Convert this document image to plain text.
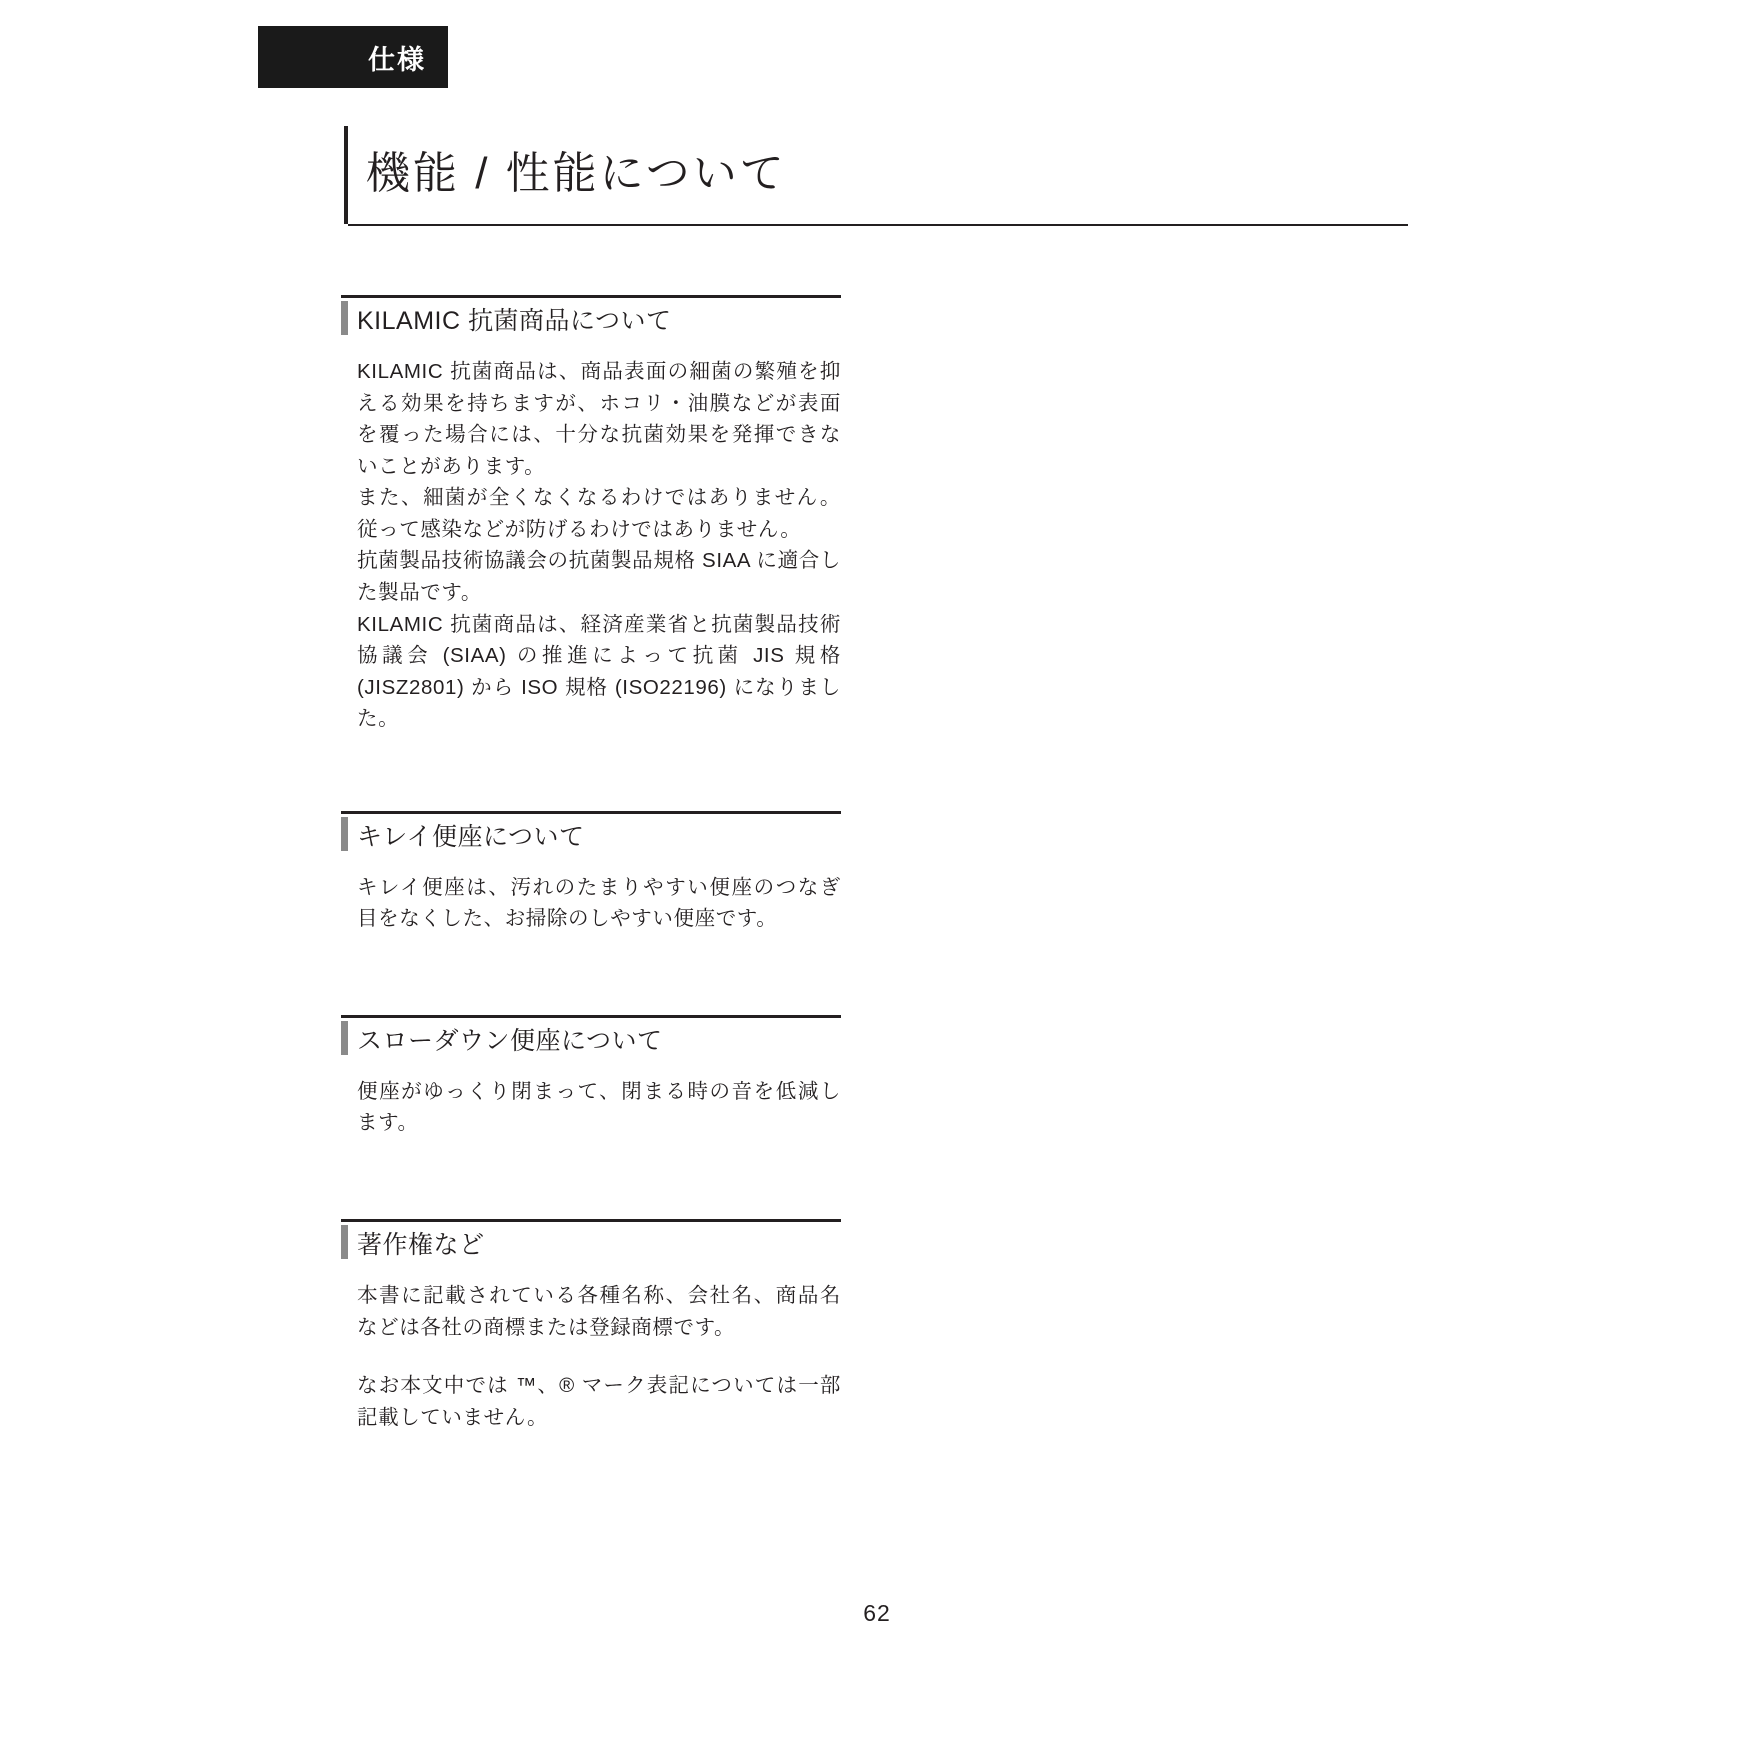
仕様
機能 / 性能について
KILAMIC 抗菌商品について

KILAMIC 抗菌商品は、商品表面の細菌の繁殖を抑える効果を持ちますが、ホコリ・油膜などが表面を覆った場合には、十分な抗菌効果を発揮できないことがあります。

また、細菌が全くなくなるわけではありません。従って感染などが防げるわけではありません。

抗菌製品技術協議会の抗菌製品規格 SIAA に適合した製品です。

KILAMIC 抗菌商品は、経済産業省と抗菌製品技術協議会 (SIAA) の推進によって抗菌 JIS 規格 (JISZ2801) から ISO 規格 (ISO22196) になりました。

キレイ便座について

キレイ便座は、汚れのたまりやすい便座のつなぎ目をなくした、お掃除のしやすい便座です。

スローダウン便座について

便座がゆっくり閉まって、閉まる時の音を低減します。

著作権など

本書に記載されている各種名称、会社名、商品名などは各社の商標または登録商標です。

なお本文中では ™、® マーク表記については一部記載していません。

62
